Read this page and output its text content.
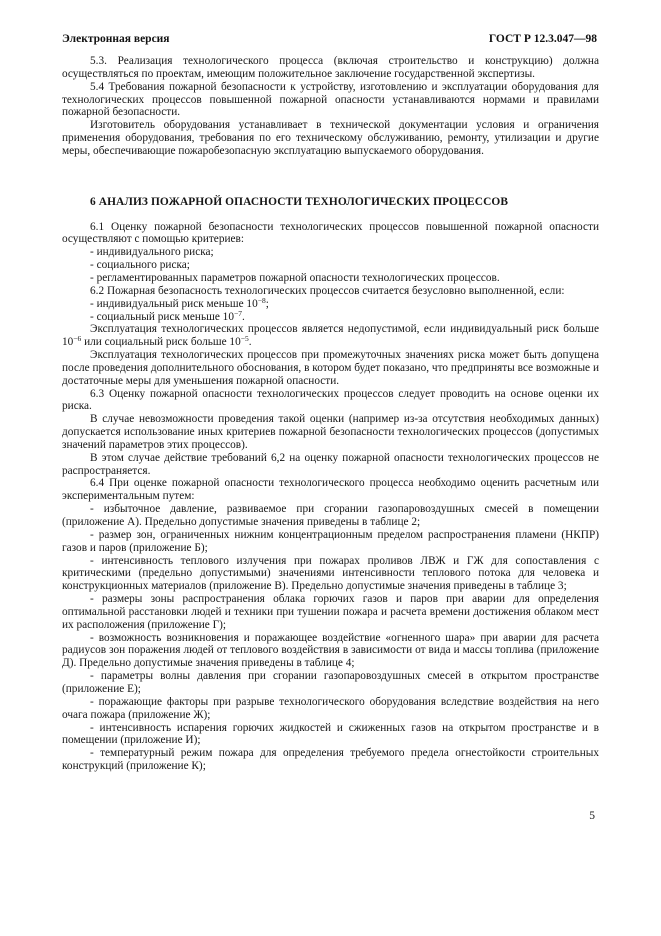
Электронная версия	ГОСТ Р 12.3.047—98

5.3. Реализация технологического процесса (включая строительство и конструкцию) должна осуществляться по проектам, имеющим положительное заключение государственной экспертизы.

5.4 Требования пожарной безопасности к устройству, изготовлению и эксплуатации оборудования для технологических процессов повышенной пожарной опасности устанавливаются нормами и правилами пожарной безопасности.

Изготовитель оборудования устанавливает в технической документации условия и ограничения применения оборудования, требования по его техническому обслуживанию, ремонту, утилизации и другие меры, обеспечивающие пожаробезопасную эксплуатацию выпускаемого оборудования.

6 АНАЛИЗ ПОЖАРНОЙ ОПАСНОСТИ ТЕХНОЛОГИЧЕСКИХ ПРОЦЕССОВ

6.1 Оценку пожарной безопасности технологических процессов повышенной пожарной опасности осуществляют с помощью критериев:

- индивидуального риска;

- социального риска;

- регламентированных параметров пожарной опасности технологических процессов.

6.2 Пожарная безопасность технологических процессов считается безусловно выполненной, если:

- индивидуальный риск меньше $10^{-8}$;

- социальный риск меньше $10^{-7}$.

Эксплуатация технологических процессов является недопустимой, если индивидуальный риск больше $10^{-6}$ или социальный риск больше $10^{-5}$.

Эксплуатация технологических процессов при промежуточных значениях риска может быть допущена после проведения дополнительного обоснования, в котором будет показано, что предприняты все возможные и достаточные меры для уменьшения пожарной опасности.

6.3 Оценку пожарной опасности технологических процессов следует проводить на основе оценки их риска.

В случае невозможности проведения такой оценки (например из-за отсутствия необходимых данных) допускается использование иных критериев пожарной безопасности технологических процессов (допустимых значений параметров этих процессов).

В этом случае действие требований 6,2 на оценку пожарной опасности технологических процессов не распространяется.

6.4 При оценке пожарной опасности технологического процесса необходимо оценить расчетным или экспериментальным путем:

- избыточное давление, развиваемое при сгорании газопаровоздушных смесей в помещении (приложение А). Предельно допустимые значения приведены в таблице 2;

- размер зон, ограниченных нижним концентрационным пределом распространения пламени (НКПР) газов и паров (приложение Б);

- интенсивность теплового излучения при пожарах проливов ЛВЖ и ГЖ для сопоставления с критическими (предельно допустимыми) значениями интенсивности теплового потока для человека и конструкционных материалов (приложение В). Предельно допустимые значения приведены в таблице 3;

- размеры зоны распространения облака горючих газов и паров при аварии для определения оптимальной расстановки людей и техники при тушении пожара и расчета времени достижения облаком мест их расположения (приложение Г);

- возможность возникновения и поражающее воздействие «огненного шара» при аварии для расчета радиусов зон поражения людей от теплового воздействия в зависимости от вида и массы топлива (приложение Д). Предельно допустимые значения приведены в таблице 4;

- параметры волны давления при сгорании газопаровоздушных смесей в открытом пространстве (приложение Е);

- поражающие факторы при разрыве технологического оборудования вследствие воздействия на него очага пожара (приложение Ж);

- интенсивность испарения горючих жидкостей и сжиженных газов на открытом пространстве и в помещении (приложение И);

- температурный режим пожара для определения требуемого предела огнестойкости строительных конструкций (приложение К);

5
